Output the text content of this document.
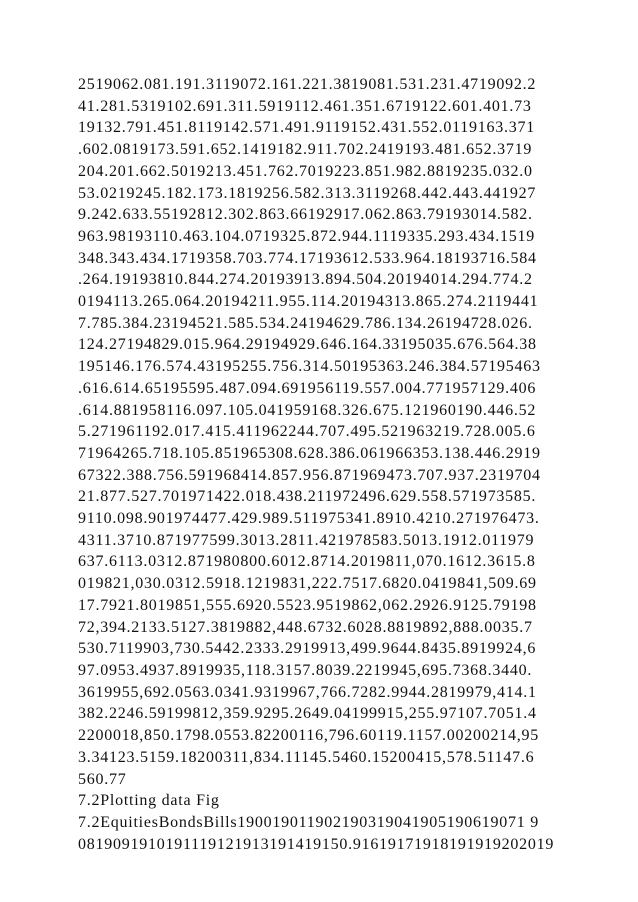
2519062.081.191.3119072.161.221.3819081.531.231.4719092.2
41.281.5319102.691.311.5919112.461.351.6719122.601.401.73
19132.791.451.8119142.571.491.9119152.431.552.0119163.371
.602.0819173.591.652.1419182.911.702.2419193.481.652.3719
204.201.662.5019213.451.762.7019223.851.982.8819235.032.0
53.0219245.182.173.1819256.582.313.3119268.442.443.441927
9.242.633.55192812.302.863.66192917.062.863.79193014.582.
963.98193110.463.104.0719325.872.944.1119335.293.434.1519
348.343.434.1719358.703.774.17193612.533.964.18193716.584
.264.19193810.844.274.20193913.894.504.20194014.294.774.2
0194113.265.064.20194211.955.114.20194313.865.274.2119441
7.785.384.23194521.585.534.24194629.786.134.26194728.026.
124.27194829.015.964.29194929.646.164.33195035.676.564.38
195146.176.574.43195255.756.314.50195363.246.384.57195463
.616.614.65195595.487.094.691956119.557.004.771957129.406
.614.881958116.097.105.041959168.326.675.121960190.446.52
5.271961192.017.415.411962244.707.495.521963219.728.005.6
71964265.718.105.851965308.628.386.061966353.138.446.2919
67322.388.756.591968414.857.956.871969473.707.937.2319704
21.877.527.701971422.018.438.211972496.629.558.571973585.
9110.098.901974477.429.989.511975341.8910.4210.271976473.
4311.3710.871977599.3013.2811.421978583.5013.1912.011979
637.6113.0312.871980800.6012.8714.2019811,070.1612.3615.8
019821,030.0312.5918.1219831,222.7517.6820.0419841,509.69
17.7921.8019851,555.6920.5523.9519862,062.2926.9125.79198
72,394.2133.5127.3819882,448.6732.6028.8819892,888.0035.7
530.7119903,730.5442.2333.2919913,499.9644.8435.8919924,6
97.0953.4937.8919935,118.3157.8039.2219945,695.7368.3440.
3619955,692.0563.0341.9319967,766.7282.9944.2819979,414.1
382.2246.59199812,359.9295.2649.04199915,255.97107.7051.4
2200018,850.1798.0553.82200116,796.60119.1157.00200214,95
3.34123.5159.18200311,834.11145.5460.15200415,578.51147.6
560.77
7.2Plotting data Fig
7.2EquitiesBondsBills190019011902190319041905190619071 9
0819091910191119121913191419150.91619171918191919202019
